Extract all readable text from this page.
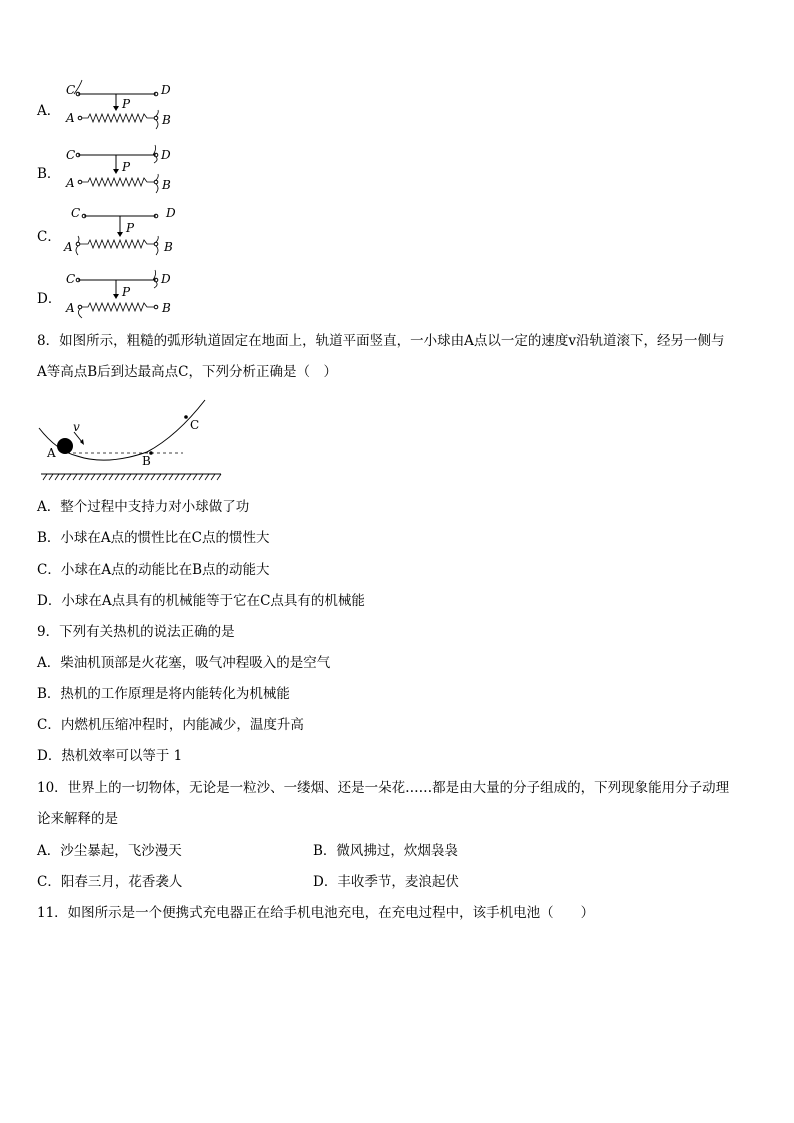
A．
C	D
P
A	B
B．
C	D
P
A	B
C．
C	D
P
A	B
D．
C	D
P
A	B
8．如图所示，粗糙的弧形轨道固定在地面上，轨道平面竖直，一小球由A点以一定的速度v沿轨道滚下，经另一侧与
A等高点B后到达最高点C，下列分析正确是（　）
v
A
B
C
A．整个过程中支持力对小球做了功
B．小球在A点的惯性比在C点的惯性大
C．小球在A点的动能比在B点的动能大
D．小球在A点具有的机械能等于它在C点具有的机械能
9．下列有关热机的说法正确的是
A．柴油机顶部是火花塞，吸气冲程吸入的是空气
B．热机的工作原理是将内能转化为机械能
C．内燃机压缩冲程时，内能减少，温度升高
D．热机效率可以等于 1
10．世界上的一切物体，无论是一粒沙、一缕烟、还是一朵花……都是由大量的分子组成的，下列现象能用分子动理
论来解释的是
A．沙尘暴起，飞沙漫天	B．微风拂过，炊烟袅袅
C．阳春三月，花香袭人	D．丰收季节，麦浪起伏
11．如图所示是一个便携式充电器正在给手机电池充电，在充电过程中，该手机电池（　　）
